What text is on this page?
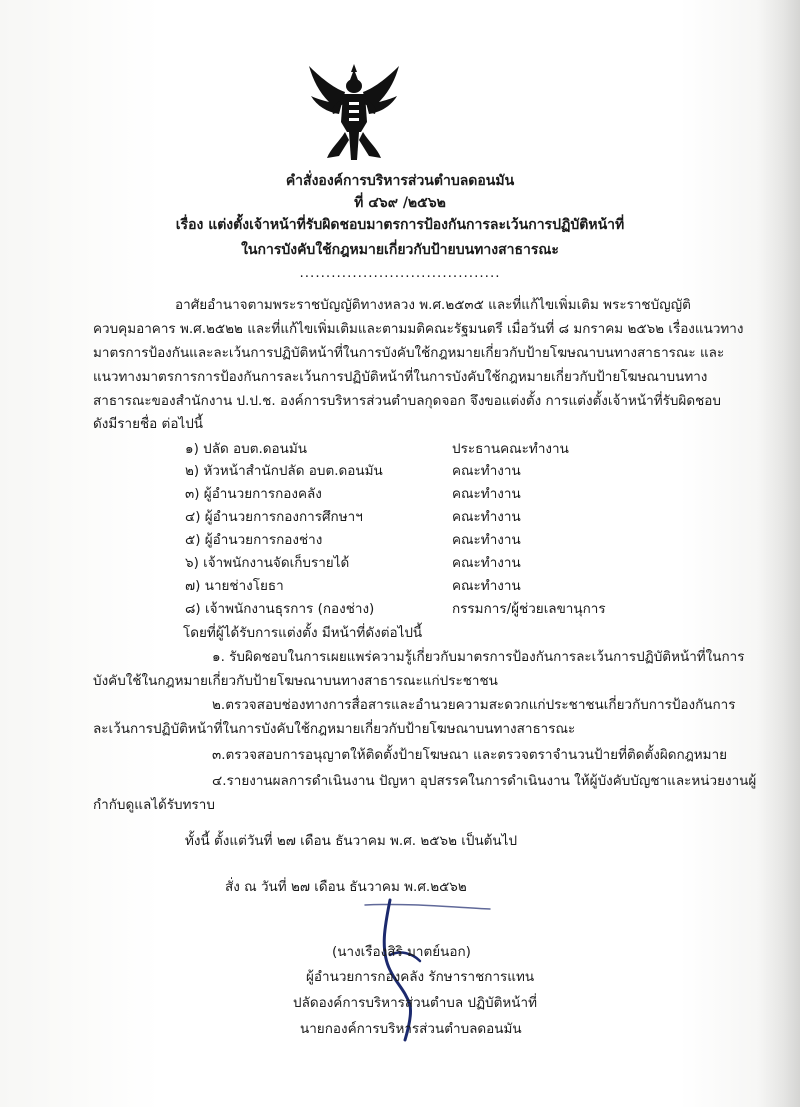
คำสั่งองค์การบริหารส่วนตำบลดอนมัน
ที่ ๔๖๙ /๒๕๖๒
เรื่อง แต่งตั้งเจ้าหน้าที่รับผิดชอบมาตรการป้องกันการละเว้นการปฏิบัติหน้าที่
ในการบังคับใช้กฎหมายเกี่ยวกับป้ายบนทางสาธารณะ
......................................
อาศัยอำนาจตามพระราชบัญญัติทางหลวง พ.ศ.๒๕๓๕ และที่แก้ไขเพิ่มเติม พระราชบัญญัติ
ควบคุมอาคาร พ.ศ.๒๕๒๒ และที่แก้ไขเพิ่มเติมและตามมติคณะรัฐมนตรี เมื่อวันที่ ๘ มกราคม ๒๕๖๒ เรื่องแนวทาง
มาตรการป้องกันและละเว้นการปฏิบัติหน้าที่ในการบังคับใช้กฎหมายเกี่ยวกับป้ายโฆษณาบนทางสาธารณะ และ
แนวทางมาตรการการป้องกันการละเว้นการปฏิบัติหน้าที่ในการบังคับใช้กฎหมายเกี่ยวกับป้ายโฆษณาบนทาง
สาธารณะของสำนักงาน ป.ป.ช. องค์การบริหารส่วนตำบลกุดจอก จึงขอแต่งตั้ง การแต่งตั้งเจ้าหน้าที่รับผิดชอบ
ดังมีรายชื่อ ต่อไปนี้
๑) ปลัด อบต.ดอนมัน	ประธานคณะทำงาน
๒) หัวหน้าสำนักปลัด อบต.ดอนมัน	คณะทำงาน
๓) ผู้อำนวยการกองคลัง	คณะทำงาน
๔) ผู้อำนวยการกองการศึกษาฯ	คณะทำงาน
๕) ผู้อำนวยการกองช่าง	คณะทำงาน
๖) เจ้าพนักงานจัดเก็บรายได้	คณะทำงาน
๗) นายช่างโยธา	คณะทำงาน
๘) เจ้าพนักงานธุรการ (กองช่าง)	กรรมการ/ผู้ช่วยเลขานุการ
โดยที่ผู้ได้รับการแต่งตั้ง มีหน้าที่ดังต่อไปนี้
๑. รับผิดชอบในการเผยแพร่ความรู้เกี่ยวกับมาตรการป้องกันการละเว้นการปฏิบัติหน้าที่ในการ
บังคับใช้ในกฎหมายเกี่ยวกับป้ายโฆษณาบนทางสาธารณะแก่ประชาชน
๒.ตรวจสอบช่องทางการสื่อสารและอำนวยความสะดวกแก่ประชาชนเกี่ยวกับการป้องกันการ
ละเว้นการปฏิบัติหน้าที่ในการบังคับใช้กฎหมายเกี่ยวกับป้ายโฆษณาบนทางสาธารณะ
๓.ตรวจสอบการอนุญาตให้ติดตั้งป้ายโฆษณา และตรวจตราจำนวนป้ายที่ติดตั้งผิดกฎหมาย
๔.รายงานผลการดำเนินงาน ปัญหา อุปสรรคในการดำเนินงาน ให้ผู้บังคับบัญชาและหน่วยงานผู้
กำกับดูแลได้รับทราบ
ทั้งนี้ ตั้งแต่วันที่ ๒๗ เดือน ธันวาคม พ.ศ. ๒๕๖๒ เป็นต้นไป
สั่ง ณ วันที่ ๒๗ เดือน ธันวาคม พ.ศ.๒๕๖๒
(นางเรืองสิริ มาตย์นอก)
ผู้อำนวยการกองคลัง รักษาราชการแทน
ปลัดองค์การบริหารส่วนตำบล ปฏิบัติหน้าที่
นายกองค์การบริหารส่วนตำบลดอนมัน
